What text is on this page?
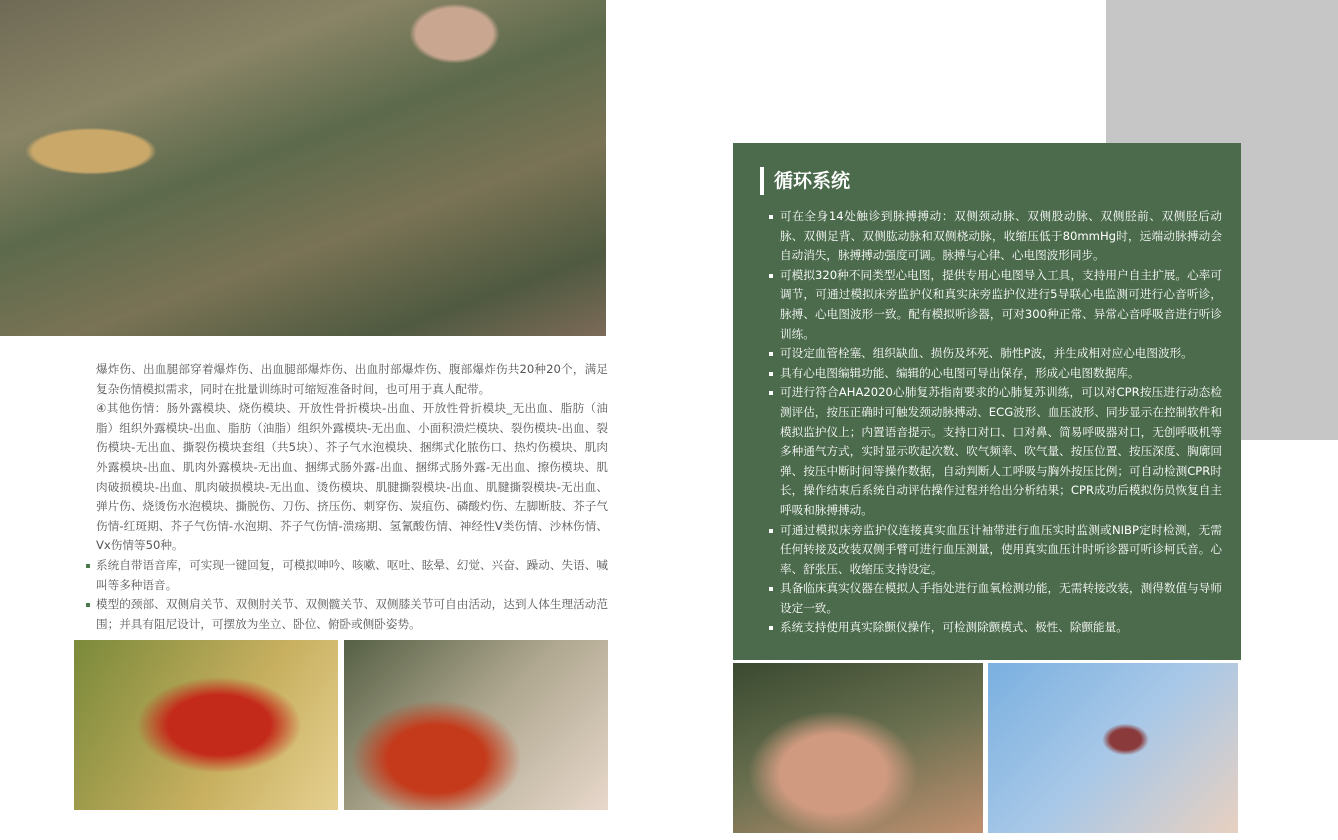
爆炸伤、出血腿部穿着爆炸伤、出血腿部爆炸伤、出血肘部爆炸伤、腹部爆炸伤共20种20个，满足复杂伤情模拟需求，同时在批量训练时可缩短准备时间，也可用于真人配带。

④其他伤情：肠外露模块、烧伤模块、开放性骨折模块-出血、开放性骨折模块_无出血、脂肪（油脂）组织外露模块-出血、脂肪（油脂）组织外露模块-无出血、小面积溃烂模块、裂伤模块-出血、裂伤模块-无出血、撕裂伤模块套组（共5块）、芥子气水泡模块、捆绑式化脓伤口、热灼伤模块、肌肉外露模块-出血、肌肉外露模块-无出血、捆绑式肠外露-出血、捆绑式肠外露-无出血、擦伤模块、肌肉破损模块-出血、肌肉破损模块-无出血、烫伤模块、肌腱撕裂模块-出血、肌腱撕裂模块-无出血、弹片伤、烧烫伤水泡模块、撕脱伤、刀伤、挤压伤、刺穿伤、炭疽伤、磷酸灼伤、左脚断肢、芥子气伤情-红斑期、芥子气伤情-水泡期、芥子气伤情-溃疡期、氢氰酸伤情、神经性V类伤情、沙林伤情、Vx伤情等50种。

系统自带语音库，可实现一键回复，可模拟呻吟、咳嗽、呕吐、眩晕、幻觉、兴奋、躁动、失语、喊叫等多种语音。
模型的颈部、双侧肩关节、双侧肘关节、双侧髋关节、双侧膝关节可自由活动，达到人体生理活动范围；并具有阻尼设计，可摆放为坐立、卧位、俯卧或侧卧姿势。
循环系统
可在全身14处触诊到脉搏搏动：双侧颈动脉、双侧股动脉、双侧胫前、双侧胫后动脉、双侧足背、双侧肱动脉和双侧桡动脉，收缩压低于80mmHg时，远端动脉搏动会自动消失，脉搏搏动强度可调。脉搏与心律、心电图波形同步。
可模拟320种不同类型心电图，提供专用心电图导入工具，支持用户自主扩展。心率可调节，可通过模拟床旁监护仪和真实床旁监护仪进行5导联心电监测可进行心音听诊，脉搏、心电图波形一致。配有模拟听诊器，可对300种正常、异常心音呼吸音进行听诊训练。
可设定血管栓塞、组织缺血、损伤及坏死、肺性P波，并生成相对应心电图波形。
具有心电图编辑功能、编辑的心电图可导出保存，形成心电图数据库。
可进行符合AHA2020心肺复苏指南要求的心肺复苏训练，可以对CPR按压进行动态检测评估，按压正确时可触发颈动脉搏动、ECG波形、血压波形、同步显示在控制软件和模拟监护仪上；内置语音提示。支持口对口、口对鼻、简易呼吸器对口，无创呼吸机等多种通气方式，实时显示吹起次数、吹气频率、吹气量、按压位置、按压深度、胸廓回弹、按压中断时间等操作数据，自动判断人工呼吸与胸外按压比例；可自动检测CPR时长，操作结束后系统自动评估操作过程并给出分析结果；CPR成功后模拟伤员恢复自主呼吸和脉搏搏动。
可通过模拟床旁监护仪连接真实血压计袖带进行血压实时监测或NIBP定时检测，无需任何转接及改装双侧手臂可进行血压测量，使用真实血压计时听诊器可听诊柯氏音。心率、舒张压、收缩压支持设定。
具备临床真实仪器在模拟人手指处进行血氧检测功能，无需转接改装，测得数值与导师设定一致。
系统支持使用真实除颤仪操作，可检测除颤模式、极性、除颤能量。
